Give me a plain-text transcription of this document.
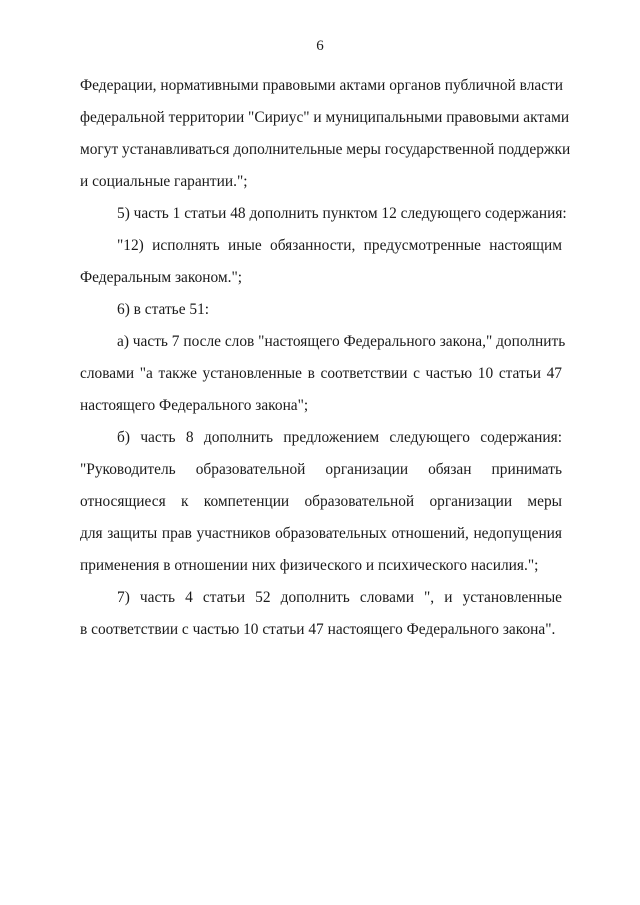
6
Федерации, нормативными правовыми актами органов публичной власти
федеральной территории "Сириус" и муниципальными правовыми актами
могут устанавливаться дополнительные меры государственной поддержки
и социальные гарантии.";
5) часть 1 статьи 48 дополнить пунктом 12 следующего содержания:
"12) исполнять иные обязанности, предусмотренные настоящим
Федеральным законом.";
6) в статье 51:
а) часть 7 после слов "настоящего Федерального закона," дополнить
словами "а также установленные в соответствии с частью 10 статьи 47
настоящего Федерального закона";
б) часть 8 дополнить предложением следующего содержания:
"Руководитель образовательной организации обязан принимать
относящиеся к компетенции образовательной организации меры
для защиты прав участников образовательных отношений, недопущения
применения в отношении них физического и психического насилия.";
7) часть 4 статьи 52 дополнить словами ", и установленные
в соответствии с частью 10 статьи 47 настоящего Федерального закона".
